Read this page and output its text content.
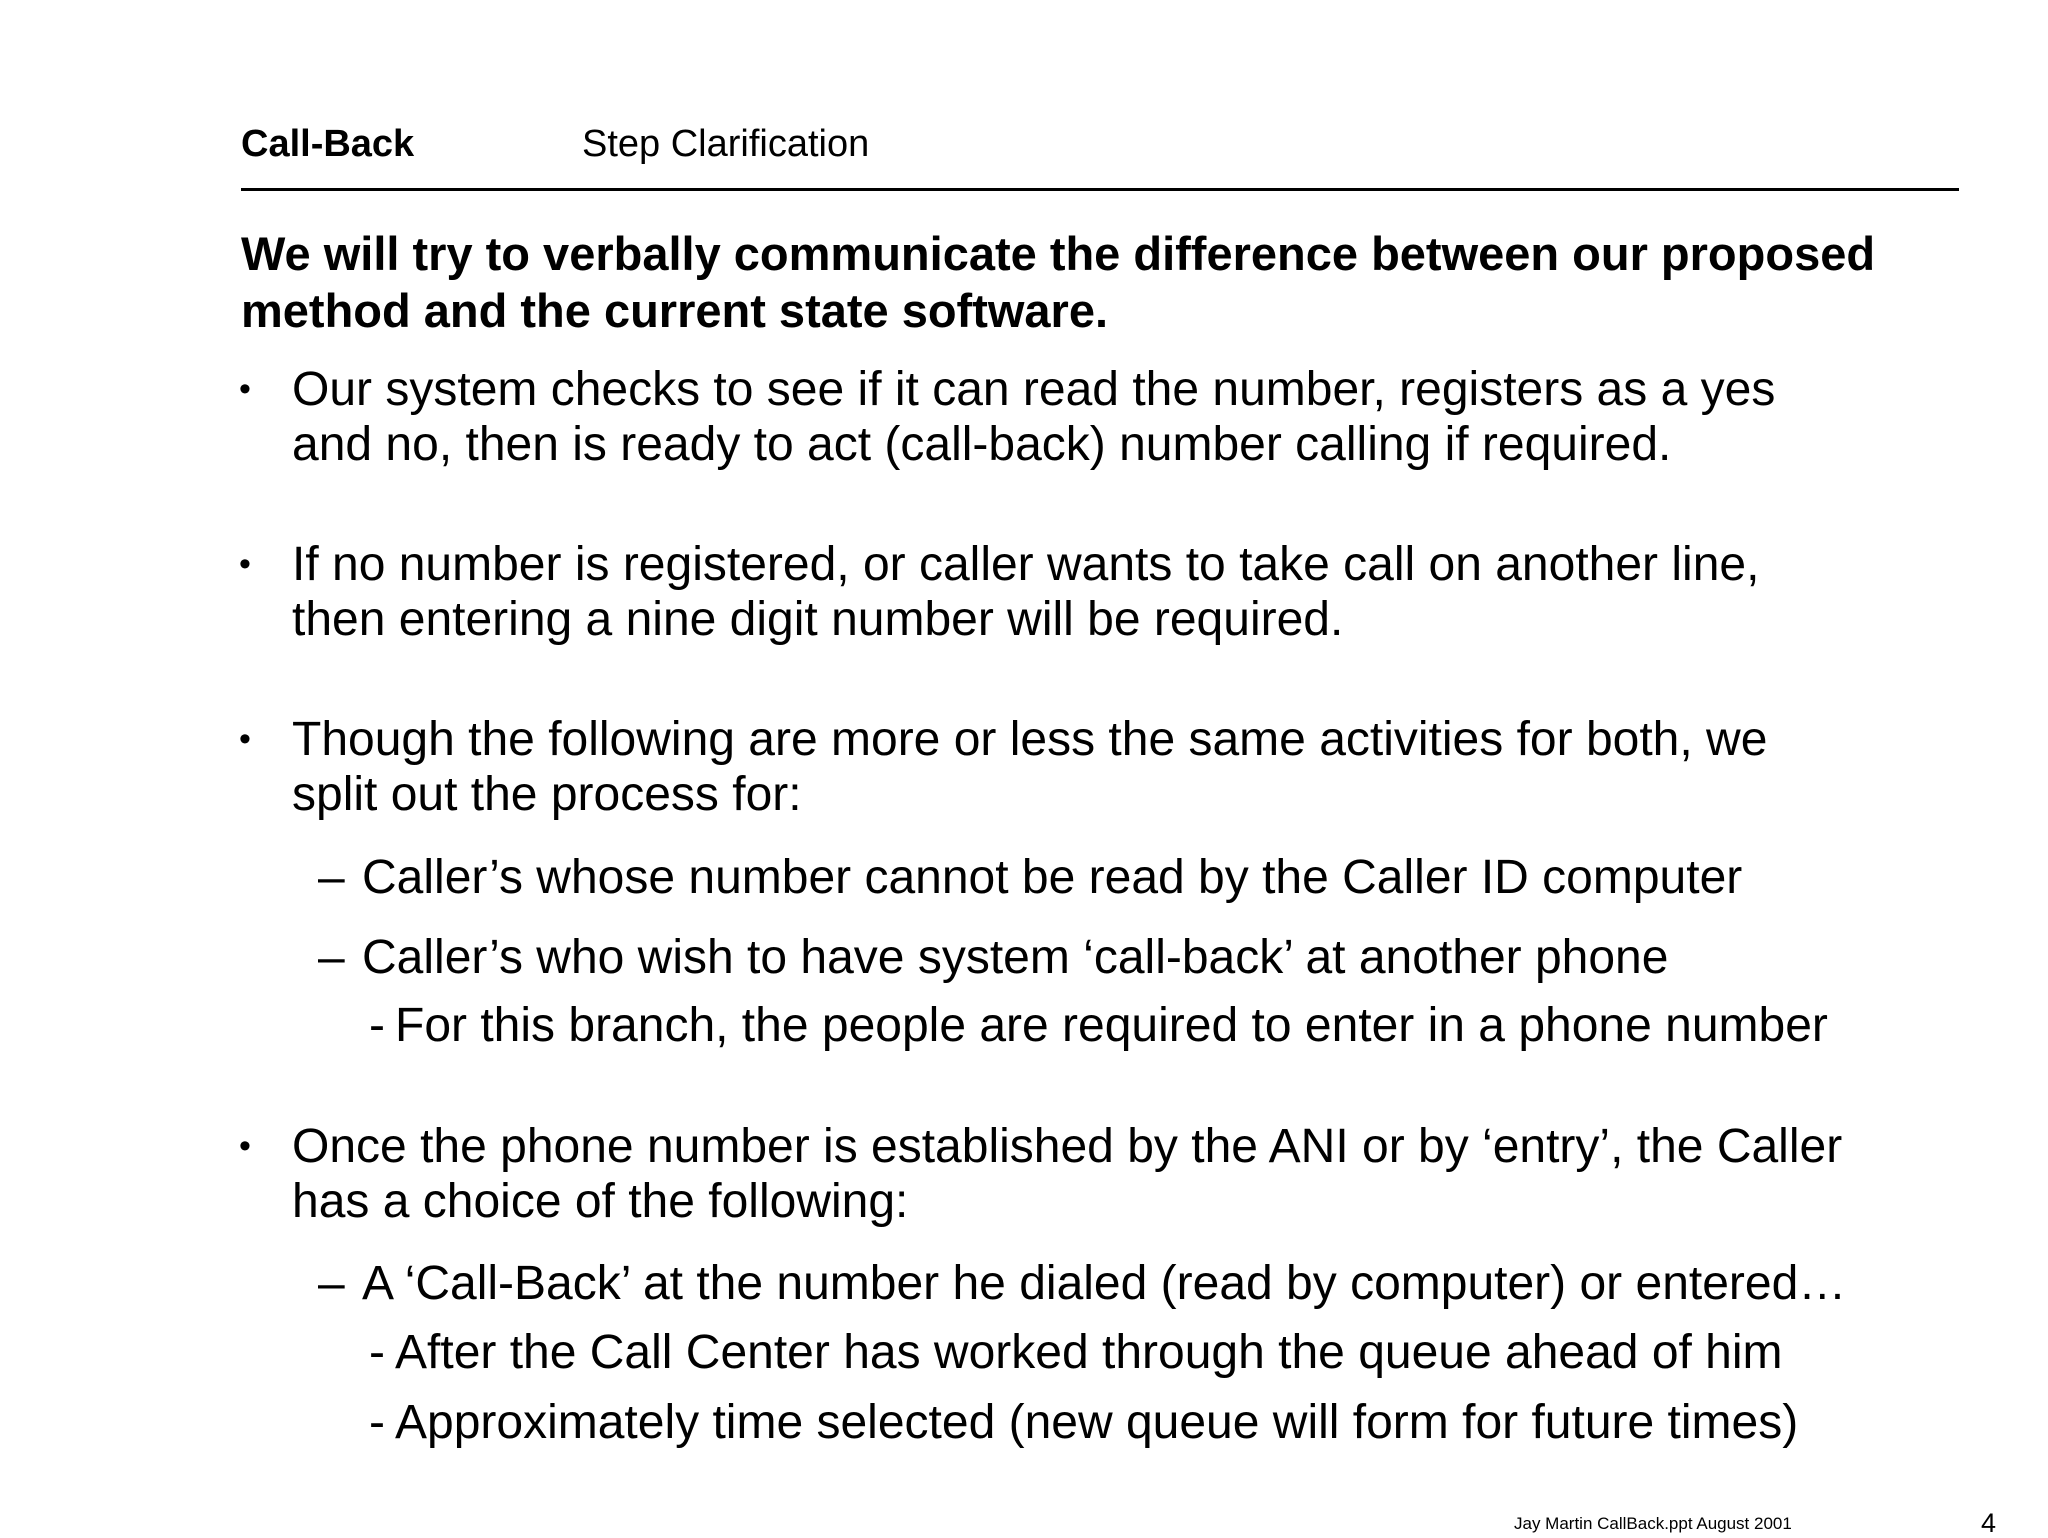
Call-Back	Step Clarification
We will try to verbally communicate the difference between our proposed method and the current state software.
• Our system checks to see if it can read the number, registers as a yes
and no, then is ready to act (call-back) number calling if required.
• If no number is registered, or caller wants to take call on another line,
then entering a nine digit number will be required.
• Though the following are more or less the same activities for both, we
split out the process for:
– Caller’s whose number cannot be read by the Caller ID computer
– Caller’s who wish to have system ‘call-back’ at another phone
- For this branch, the people are required to enter in a phone number
• Once the phone number is established by the ANI or by ‘entry’, the Caller
has a choice of the following:
– A ‘Call-Back’ at the number he dialed (read by computer) or entered…
- After the Call Center has worked through the queue ahead of him
- Approximately time selected (new queue will form for future times)
Jay Martin CallBack.ppt August 2001	4
